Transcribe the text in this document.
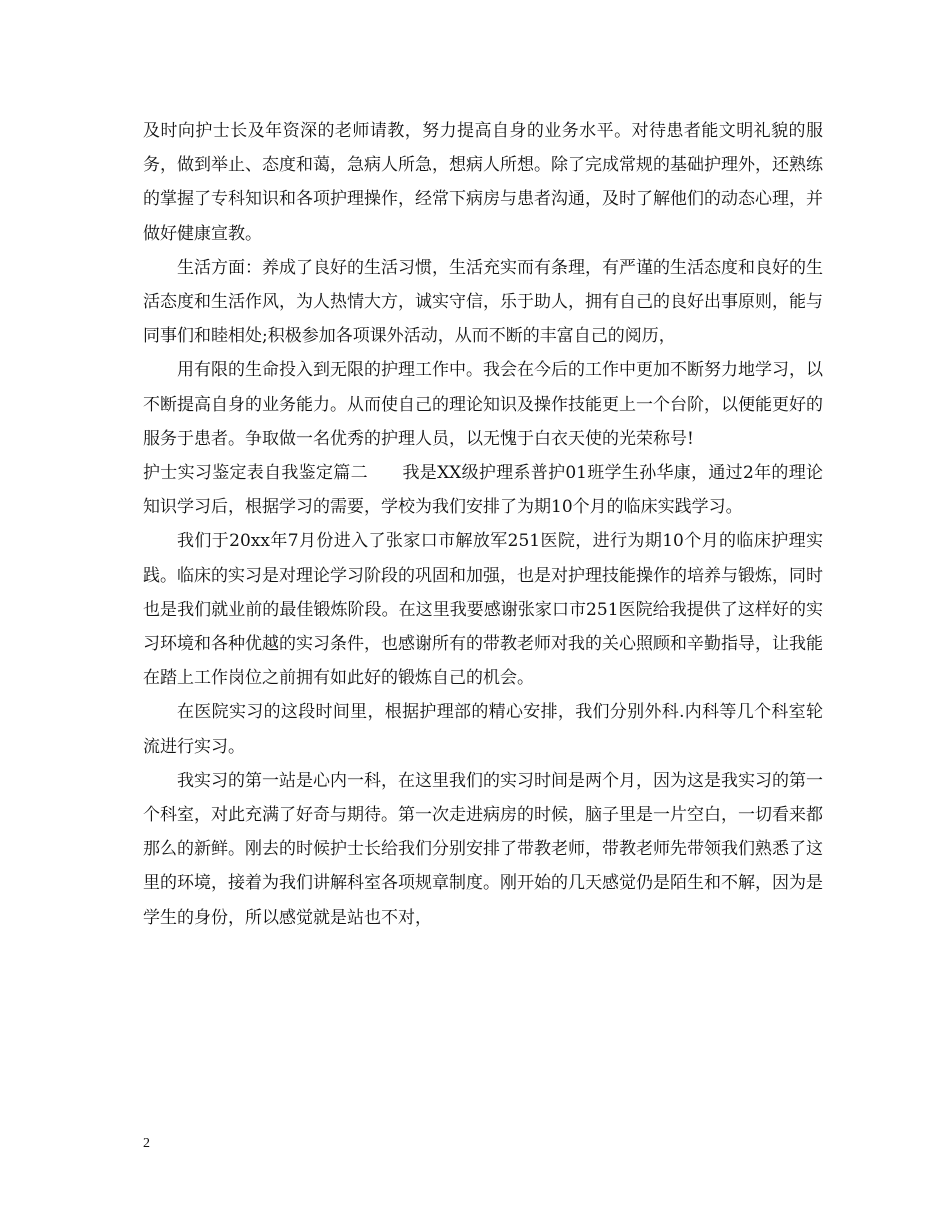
及时向护士长及年资深的老师请教，努力提高自身的业务水平。对待患者能文明礼貌的服务，做到举止、态度和蔼，急病人所急，想病人所想。除了完成常规的基础护理外，还熟练的掌握了专科知识和各项护理操作，经常下病房与患者沟通，及时了解他们的动态心理，并做好健康宣教。

生活方面：养成了良好的生活习惯，生活充实而有条理，有严谨的生活态度和良好的生活态度和生活作风，为人热情大方，诚实守信，乐于助人，拥有自己的良好出事原则，能与同事们和睦相处;积极参加各项课外活动，从而不断的丰富自己的阅历，

用有限的生命投入到无限的护理工作中。我会在今后的工作中更加不断努力地学习，以不断提高自身的业务能力。从而使自己的理论知识及操作技能更上一个台阶，以便能更好的服务于患者。争取做一名优秀的护理人员，以无愧于白衣天使的光荣称号!

护士实习鉴定表自我鉴定篇二　　我是XX级护理系普护01班学生孙华康，通过2年的理论知识学习后，根据学习的需要，学校为我们安排了为期10个月的临床实践学习。

我们于20xx年7月份进入了张家口市解放军251医院，进行为期10个月的临床护理实践。临床的实习是对理论学习阶段的巩固和加强，也是对护理技能操作的培养与锻炼，同时也是我们就业前的最佳锻炼阶段。在这里我要感谢张家口市251医院给我提供了这样好的实习环境和各种优越的实习条件，也感谢所有的带教老师对我的关心照顾和辛勤指导，让我能在踏上工作岗位之前拥有如此好的锻炼自己的机会。

在医院实习的这段时间里，根据护理部的精心安排，我们分别外科.内科等几个科室轮流进行实习。

我实习的第一站是心内一科，在这里我们的实习时间是两个月，因为这是我实习的第一个科室，对此充满了好奇与期待。第一次走进病房的时候，脑子里是一片空白，一切看来都那么的新鲜。刚去的时候护士长给我们分别安排了带教老师，带教老师先带领我们熟悉了这里的环境，接着为我们讲解科室各项规章制度。刚开始的几天感觉仍是陌生和不解，因为是学生的身份，所以感觉就是站也不对，

2
